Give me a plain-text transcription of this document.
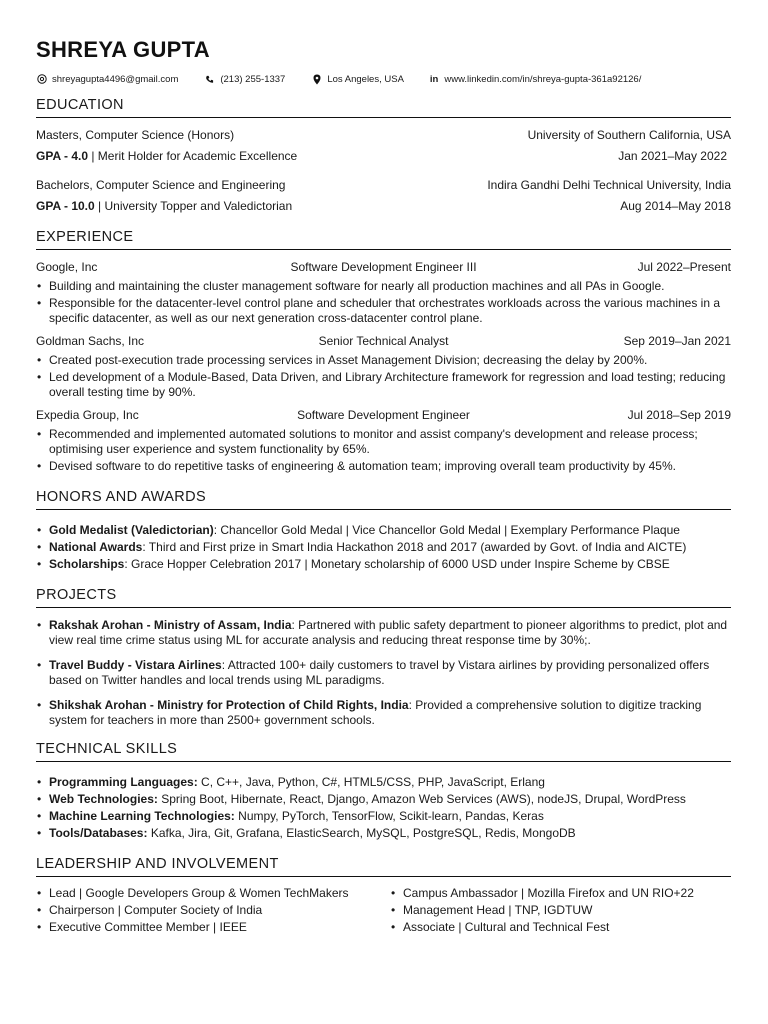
SHREYA GUPTA
shreyagupta4496@gmail.com	(213) 255-1337	Los Angeles, USA	in www.linkedin.com/in/shreya-gupta-361a92126/
EDUCATION
Masters, Computer Science (Honors)	University of Southern California, USA
GPA - 4.0 | Merit Holder for Academic Excellence	Jan 2021–May 2022
Bachelors, Computer Science and Engineering	Indira Gandhi Delhi Technical University, India
GPA - 10.0 | University Topper and Valedictorian	Aug 2014–May 2018
EXPERIENCE
Google, Inc	Software Development Engineer III	Jul 2022–Present
• Building and maintaining the cluster management software for nearly all production machines and all PAs in Google.
• Responsible for the datacenter-level control plane and scheduler that orchestrates workloads across the various machines in a specific datacenter, as well as our next generation cross-datacenter control plane.
Goldman Sachs, Inc	Senior Technical Analyst	Sep 2019–Jan 2021
• Created post-execution trade processing services in Asset Management Division; decreasing the delay by 200%.
• Led development of a Module-Based, Data Driven, and Library Architecture framework for regression and load testing; reducing overall testing time by 90%.
Expedia Group, Inc	Software Development Engineer	Jul 2018–Sep 2019
• Recommended and implemented automated solutions to monitor and assist company's development and release process; optimising user experience and system functionality by 65%.
• Devised software to do repetitive tasks of engineering & automation team; improving overall team productivity by 45%.
HONORS AND AWARDS
• Gold Medalist (Valedictorian): Chancellor Gold Medal | Vice Chancellor Gold Medal | Exemplary Performance Plaque
• National Awards: Third and First prize in Smart India Hackathon 2018 and 2017 (awarded by Govt. of India and AICTE)
• Scholarships: Grace Hopper Celebration 2017 | Monetary scholarship of 6000 USD under Inspire Scheme by CBSE
PROJECTS
• Rakshak Arohan - Ministry of Assam, India: Partnered with public safety department to pioneer algorithms to predict, plot and view real time crime status using ML for accurate analysis and reducing threat response time by 30%;.
• Travel Buddy - Vistara Airlines: Attracted 100+ daily customers to travel by Vistara airlines by providing personalized offers based on Twitter handles and local trends using ML paradigms.
• Shikshak Arohan - Ministry for Protection of Child Rights, India: Provided a comprehensive solution to digitize tracking system for teachers in more than 2500+ government schools.
TECHNICAL SKILLS
• Programming Languages: C, C++, Java, Python, C#, HTML5/CSS, PHP, JavaScript, Erlang
• Web Technologies: Spring Boot, Hibernate, React, Django, Amazon Web Services (AWS), nodeJS, Drupal, WordPress
• Machine Learning Technologies: Numpy, PyTorch, TensorFlow, Scikit-learn, Pandas, Keras
• Tools/Databases: Kafka, Jira, Git, Grafana, ElasticSearch, MySQL, PostgreSQL, Redis, MongoDB
LEADERSHIP AND INVOLVEMENT
• Lead | Google Developers Group & Women TechMakers
• Chairperson | Computer Society of India
• Executive Committee Member | IEEE
• Campus Ambassador | Mozilla Firefox and UN RIO+22
• Management Head | TNP, IGDTUW
• Associate | Cultural and Technical Fest
